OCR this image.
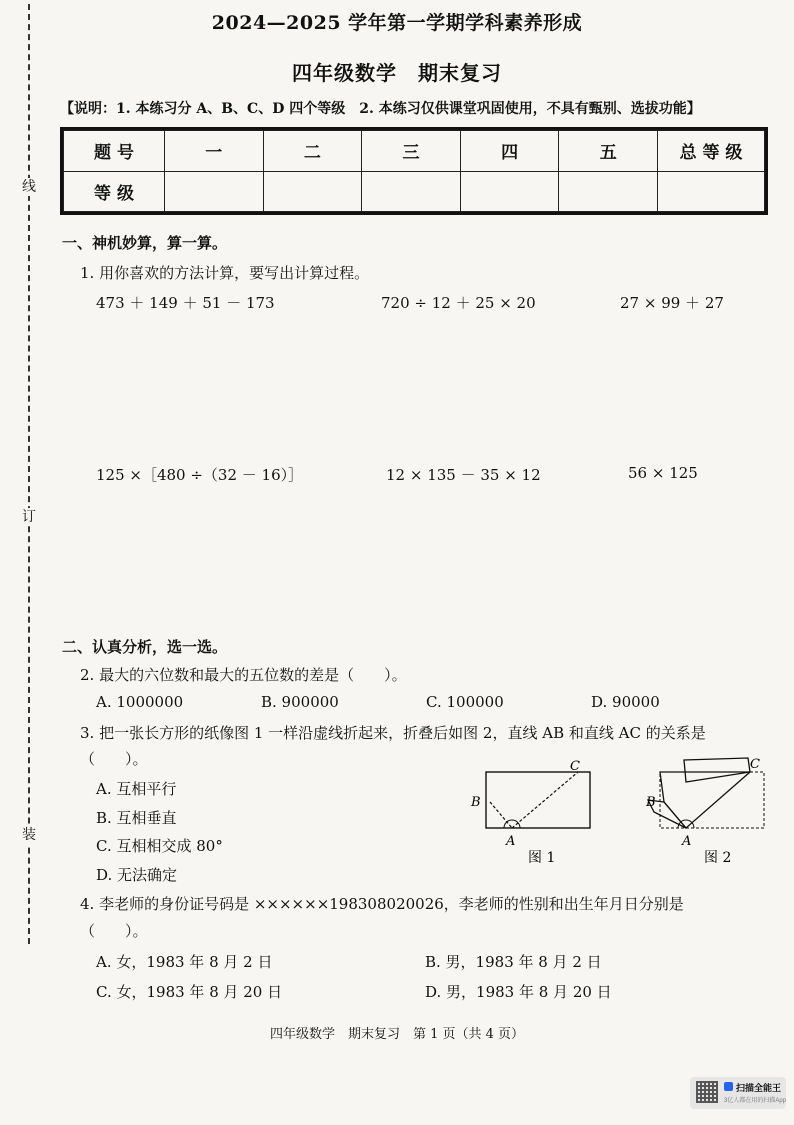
线
订
装
2024—2025 学年第一学期学科素养形成
四年级数学　期末复习
【说明：1. 本练习分 A、B、C、D 四个等级　2. 本练习仅供课堂巩固使用，不具有甄别、选拔功能】
题 号	一	二	三	四	五	总 等 级
等 级						
一、神机妙算，算一算。
1. 用你喜欢的方法计算，要写出计算过程。
473 ＋ 149 ＋ 51 － 173	720 ÷ 12 ＋ 25 × 20	27 × 99 ＋ 27
125 ×［480 ÷（32 － 16）］	12 × 135 － 35 × 12	56 × 125
二、认真分析，选一选。
2. 最大的六位数和最大的五位数的差是（　　）。
A. 1000000	B. 900000	C. 100000	D. 90000
3. 把一张长方形的纸像图 1 一样沿虚线折起来，折叠后如图 2，直线 AB 和直线 AC 的关系是
（　　）。
A. 互相平行
B. 互相垂直
C. 互相相交成 80°
D. 无法确定
B
A
C
图 1
B
A
C
图 2
4. 李老师的身份证号码是 ××××××198308020026，李老师的性别和出生年月日分别是
（　　）。
A. 女，1983 年 8 月 2 日	B. 男，1983 年 8 月 2 日
C. 女，1983 年 8 月 20 日	D. 男，1983 年 8 月 20 日
四年级数学　期末复习　第 1 页（共 4 页）
扫描全能王
3亿人都在用的扫描App
